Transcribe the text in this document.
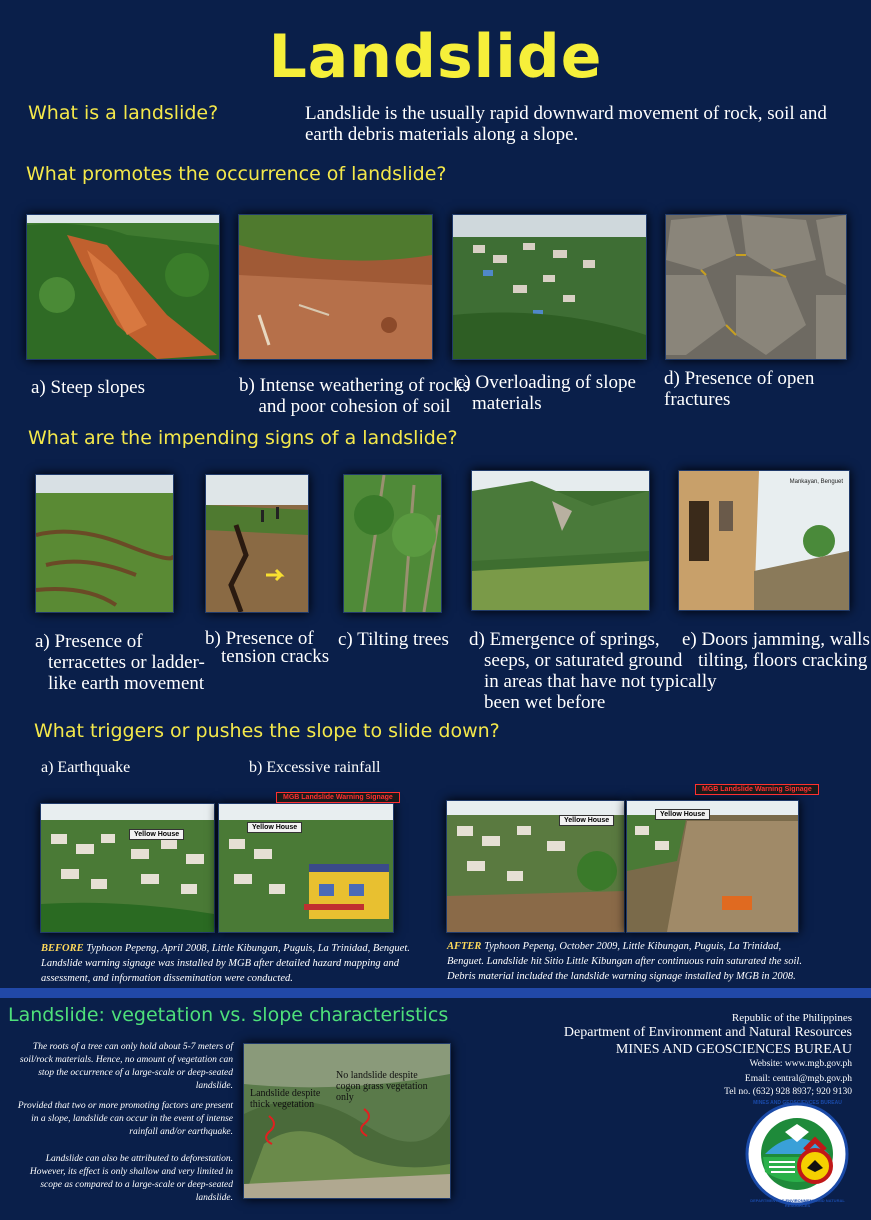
Landslide
What is a landslide?	Landslide is the usually rapid downward movement of rock, soil and
earth debris materials along a slope.
What promotes the occurrence of landslide?
a) Steep slopes	b) Intense weathering of rocks
and poor cohesion of soil
c) Overloading of slope
materials
d) Presence of open fractures
What are the impending signs of a landslide?
Mankayan, Benguet
a) Presence of
terracettes or ladder-
like earth movement
b) Presence of
tension cracks
c) Tilting trees d) Emergence of springs,
seeps, or saturated ground
in areas that have not typically
been wet before
e) Doors jamming, walls
tilting, floors cracking
What triggers or pushes the slope to slide down?
a) Earthquake	b) Excessive rainfall
Yellow House
Yellow House
MGB Landslide Warning Signage
Yellow House
Yellow House
MGB Landslide Warning Signage
BEFORE Typhoon Pepeng, April 2008, Little Kibungan, Puguis, La Trinidad, Benguet. Landslide warning signage was installed by MGB after detailed hazard mapping and assessment, and information dissemination were conducted.
AFTER Typhoon Pepeng, October 2009, Little Kibungan, Puguis, La Trinidad, Benguet. Landslide hit Sitio Little Kibungan after continuous rain saturated the soil. Debris material included the landslide warning signage installed by MGB in 2008.
Landslide: vegetation vs. slope characteristics
The roots of a tree can only hold about 5-7 meters of soil/rock materials. Hence, no amount of vegetation can stop the occurrence of a large-scale or deep-seated landslide.
Provided that two or more promoting factors are present in a slope, landslide can occur in the event of intense rainfall and/or earthquake.
Landslide can also be attributed to deforestation. However, its effect is only shallow and very limited in scope as compared to a large-scale or deep-seated landslide.
Landslide despite thick vegetation
No landslide despite cogon grass vegetation only
Republic of the Philippines
Department of Environment and Natural Resources
MINES AND GEOSCIENCES BUREAU
Website: www.mgb.gov.ph
Email: central@mgb.gov.ph
Tel no. (632) 928 8937; 920 9130
MINES AND GEOSCIENCES BUREAU
DEPARTMENT OF ENVIRONMENT AND NATURAL RESOURCES
